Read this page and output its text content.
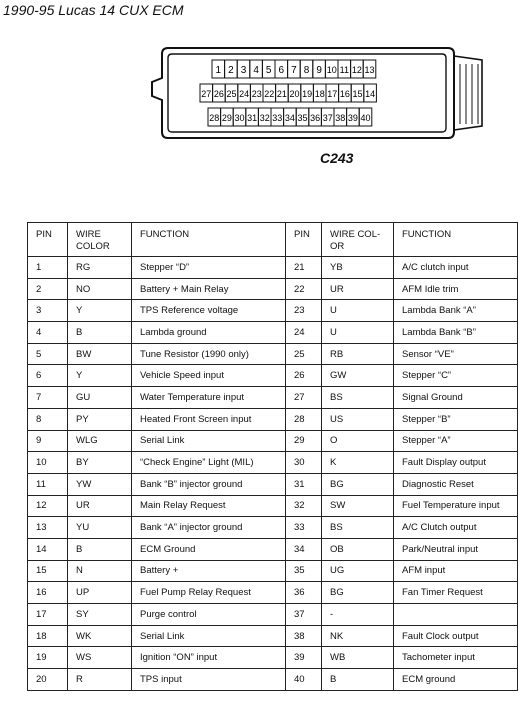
1990-95 Lucas 14 CUX ECM
1 2 3 4 5 6 7 8 9 10 11 12 13
27 26 25 24 23 22 21 20 19 18 17 16 15 14
28 29 30 31 32 33 34 35 36 37 38 39 40
C243
PIN	WIRE COLOR	FUNCTION	PIN	WIRE COL-OR	FUNCTION
1	RG	Stepper “D”	21	YB	A/C clutch input
2	NO	Battery + Main Relay	22	UR	AFM Idle trim
3	Y	TPS Reference voltage	23	U	Lambda Bank “A”
4	B	Lambda ground	24	U	Lambda Bank “B”
5	BW	Tune Resistor (1990 only)	25	RB	Sensor “VE”
6	Y	Vehicle Speed input	26	GW	Stepper “C”
7	GU	Water Temperature input	27	BS	Signal Ground
8	PY	Heated Front Screen input	28	US	Stepper “B”
9	WLG	Serial Link	29	O	Stepper “A”
10	BY	“Check Engine” Light (MIL)	30	K	Fault Display output
11	YW	Bank “B” injector ground	31	BG	Diagnostic Reset
12	UR	Main Relay Request	32	SW	Fuel Temperature input
13	YU	Bank “A” injector ground	33	BS	A/C Clutch output
14	B	ECM Ground	34	OB	Park/Neutral input
15	N	Battery +	35	UG	AFM input
16	UP	Fuel Pump Relay Request	36	BG	Fan Timer Request
17	SY	Purge control	37	-	
18	WK	Serial Link	38	NK	Fault Clock output
19	WS	Ignition “ON” input	39	WB	Tachometer input
20	R	TPS input	40	B	ECM ground
